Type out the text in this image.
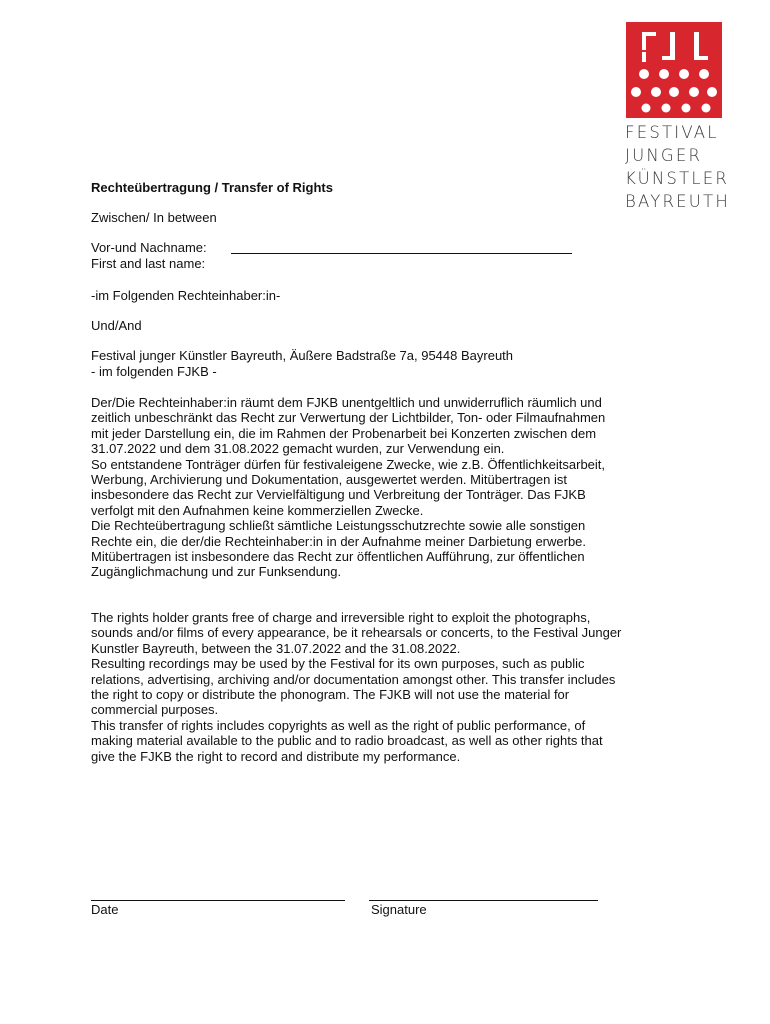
FESTIVAL
JUNGER
KÜNSTLER
BAYREUTH
Rechteübertragung / Transfer of Rights
Zwischen/ In between
Vor-und Nachname:
First and last name:
-im Folgenden Rechteinhaber:in-
Und/And
Festival junger Künstler Bayreuth, Äußere Badstraße 7a, 95448 Bayreuth
- im folgenden FJKB -
Der/Die Rechteinhaber:in räumt dem FJKB unentgeltlich und unwiderruflich räumlich und
zeitlich unbeschränkt das Recht zur Verwertung der Lichtbilder, Ton- oder Filmaufnahmen
mit jeder Darstellung ein, die im Rahmen der Probenarbeit bei Konzerten zwischen dem
31.07.2022 und dem 31.08.2022 gemacht wurden, zur Verwendung ein.
So entstandene Tonträger dürfen für festivaleigene Zwecke, wie z.B. Öffentlichkeitsarbeit,
Werbung, Archivierung und Dokumentation, ausgewertet werden. Mitübertragen ist
insbesondere das Recht zur Vervielfältigung und Verbreitung der Tonträger. Das FJKB
verfolgt mit den Aufnahmen keine kommerziellen Zwecke.
Die Rechteübertragung schließt sämtliche Leistungsschutzrechte sowie alle sonstigen
Rechte ein, die der/die Rechteinhaber:in in der Aufnahme meiner Darbietung erwerbe.
Mitübertragen ist insbesondere das Recht zur öffentlichen Aufführung, zur öffentlichen
Zugänglichmachung und zur Funksendung.
The rights holder grants free of charge and irreversible right to exploit the photographs,
sounds and/or films of every appearance, be it rehearsals or concerts, to the Festival Junger
Kunstler Bayreuth, between the 31.07.2022 and the 31.08.2022.
Resulting recordings may be used by the Festival for its own purposes, such as public
relations, advertising, archiving and/or documentation amongst other. This transfer includes
the right to copy or distribute the phonogram. The FJKB will not use the material for
commercial purposes.
This transfer of rights includes copyrights as well as the right of public performance, of
making material available to the public and to radio broadcast, as well as other rights that
give the FJKB the right to record and distribute my performance.
Date	Signature
